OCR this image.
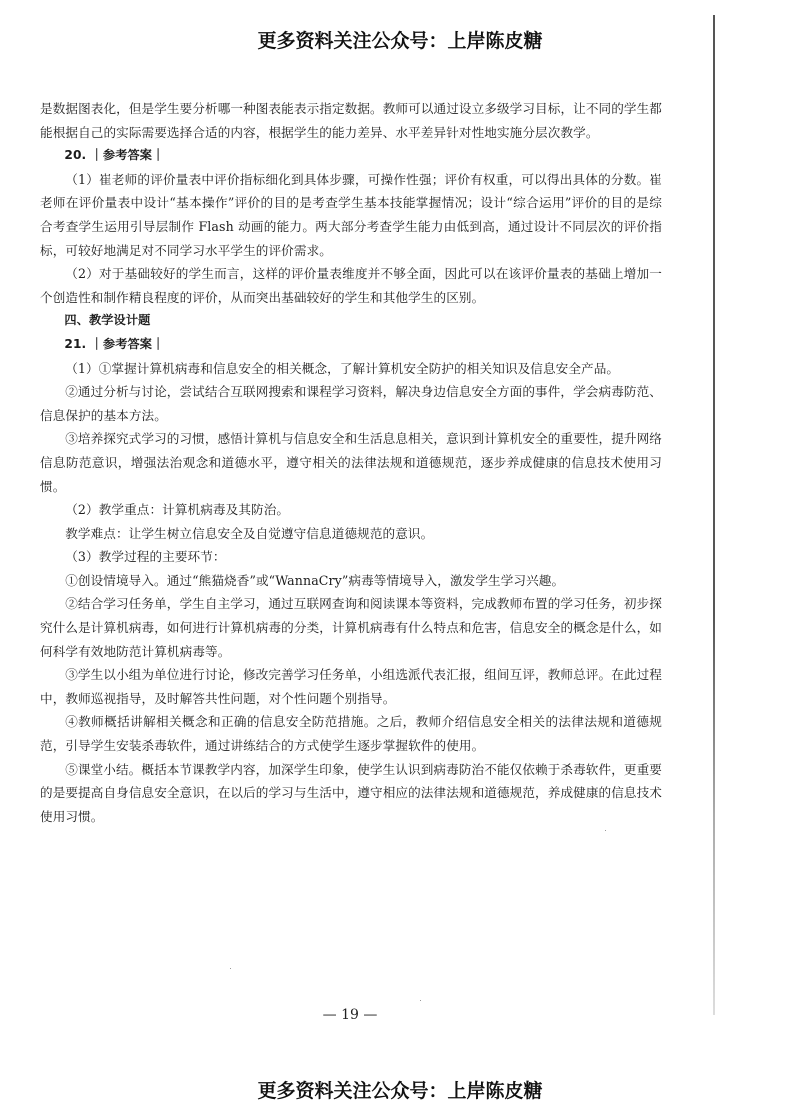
更多资料关注公众号：上岸陈皮糖

是数据图表化，但是学生要分析哪一种图表能表示指定数据。教师可以通过设立多级学习目标，让不同的学生都能根据自己的实际需要选择合适的内容，根据学生的能力差异、水平差异针对性地实施分层次教学。

20. ｜参考答案｜

（1）崔老师的评价量表中评价指标细化到具体步骤，可操作性强；评价有权重，可以得出具体的分数。崔老师在评价量表中设计“基本操作”评价的目的是考查学生基本技能掌握情况；设计“综合运用”评价的目的是综合考查学生运用引导层制作 Flash 动画的能力。两大部分考查学生能力由低到高，通过设计不同层次的评价指标，可较好地满足对不同学习水平学生的评价需求。

（2）对于基础较好的学生而言，这样的评价量表维度并不够全面，因此可以在该评价量表的基础上增加一个创造性和制作精良程度的评价，从而突出基础较好的学生和其他学生的区别。

四、教学设计题

21. ｜参考答案｜

（1）①掌握计算机病毒和信息安全的相关概念，了解计算机安全防护的相关知识及信息安全产品。

②通过分析与讨论，尝试结合互联网搜索和课程学习资料，解决身边信息安全方面的事件，学会病毒防范、信息保护的基本方法。

③培养探究式学习的习惯，感悟计算机与信息安全和生活息息相关，意识到计算机安全的重要性，提升网络信息防范意识，增强法治观念和道德水平，遵守相关的法律法规和道德规范，逐步养成健康的信息技术使用习惯。

（2）教学重点：计算机病毒及其防治。

教学难点：让学生树立信息安全及自觉遵守信息道德规范的意识。

（3）教学过程的主要环节：

①创设情境导入。通过“熊猫烧香”或“WannaCry”病毒等情境导入，激发学生学习兴趣。

②结合学习任务单，学生自主学习，通过互联网查询和阅读课本等资料，完成教师布置的学习任务，初步探究什么是计算机病毒，如何进行计算机病毒的分类，计算机病毒有什么特点和危害，信息安全的概念是什么，如何科学有效地防范计算机病毒等。

③学生以小组为单位进行讨论，修改完善学习任务单，小组选派代表汇报，组间互评，教师总评。在此过程中，教师巡视指导，及时解答共性问题，对个性问题个别指导。

④教师概括讲解相关概念和正确的信息安全防范措施。之后，教师介绍信息安全相关的法律法规和道德规范，引导学生安装杀毒软件，通过讲练结合的方式使学生逐步掌握软件的使用。

⑤课堂小结。概括本节课教学内容，加深学生印象，使学生认识到病毒防治不能仅依赖于杀毒软件，更重要的是要提高自身信息安全意识，在以后的学习与生活中，遵守相应的法律法规和道德规范，养成健康的信息技术使用习惯。

— 19 —
更多资料关注公众号：上岸陈皮糖
